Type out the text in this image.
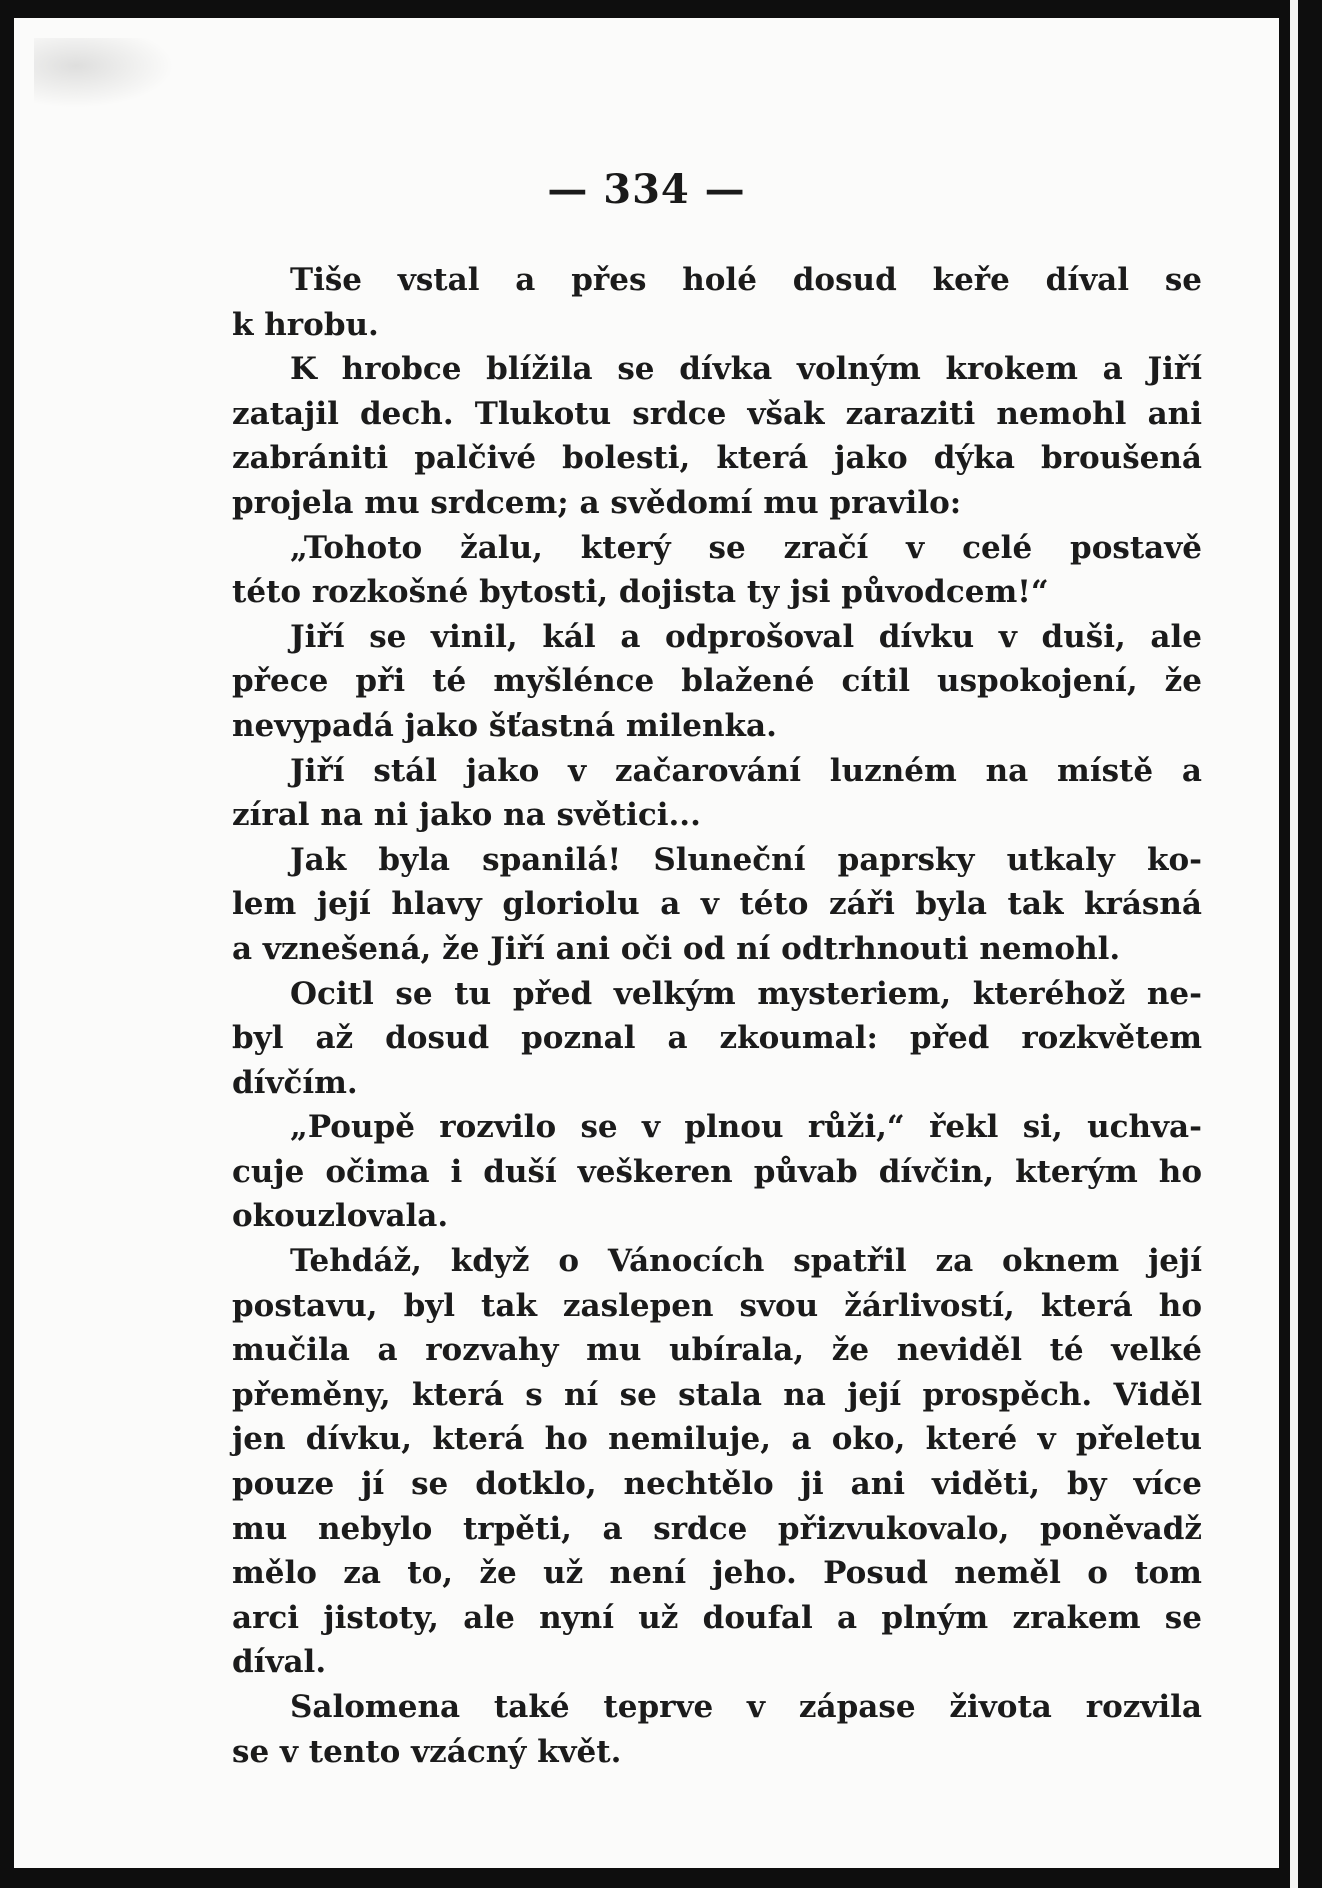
— 334 —
Tiše vstal a přes holé dosud keře díval se
k hrobu.
K hrobce blížila se dívka volným krokem a Jiří
zatajil dech. Tlukotu srdce však zaraziti nemohl ani
zabrániti palčivé bolesti, která jako dýka broušená
projela mu srdcem; a svědomí mu pravilo:
„Tohoto žalu, který se zračí v celé postavě
této rozkošné bytosti, dojista ty jsi původcem!“
Jiří se vinil, kál a odprošoval dívku v duši, ale
přece při té myšlénce blažené cítil uspokojení, že
nevypadá jako šťastná milenka.
Jiří stál jako v začarování luzném na místě a
zíral na ni jako na světici...
Jak byla spanilá! Sluneční paprsky utkaly ko-
lem její hlavy gloriolu a v této záři byla tak krásná
a vznešená, že Jiří ani oči od ní odtrhnouti nemohl.
Ocitl se tu před velkým mysteriem, kteréhož ne-
byl až dosud poznal a zkoumal: před rozkvětem
dívčím.
„Poupě rozvilo se v plnou růži,“ řekl si, uchva-
cuje očima i duší veškeren půvab dívčin, kterým ho
okouzlovala.
Tehdáž, když o Vánocích spatřil za oknem její
postavu, byl tak zaslepen svou žárlivostí, která ho
mučila a rozvahy mu ubírala, že neviděl té velké
přeměny, která s ní se stala na její prospěch. Viděl
jen dívku, která ho nemiluje, a oko, které v přeletu
pouze jí se dotklo, nechtělo ji ani viděti, by více
mu nebylo trpěti, a srdce přizvukovalo, poněvadž
mělo za to, že už není jeho. Posud neměl o tom
arci jistoty, ale nyní už doufal a plným zrakem se
díval.
Salomena také teprve v zápase života rozvila
se v tento vzácný květ.
